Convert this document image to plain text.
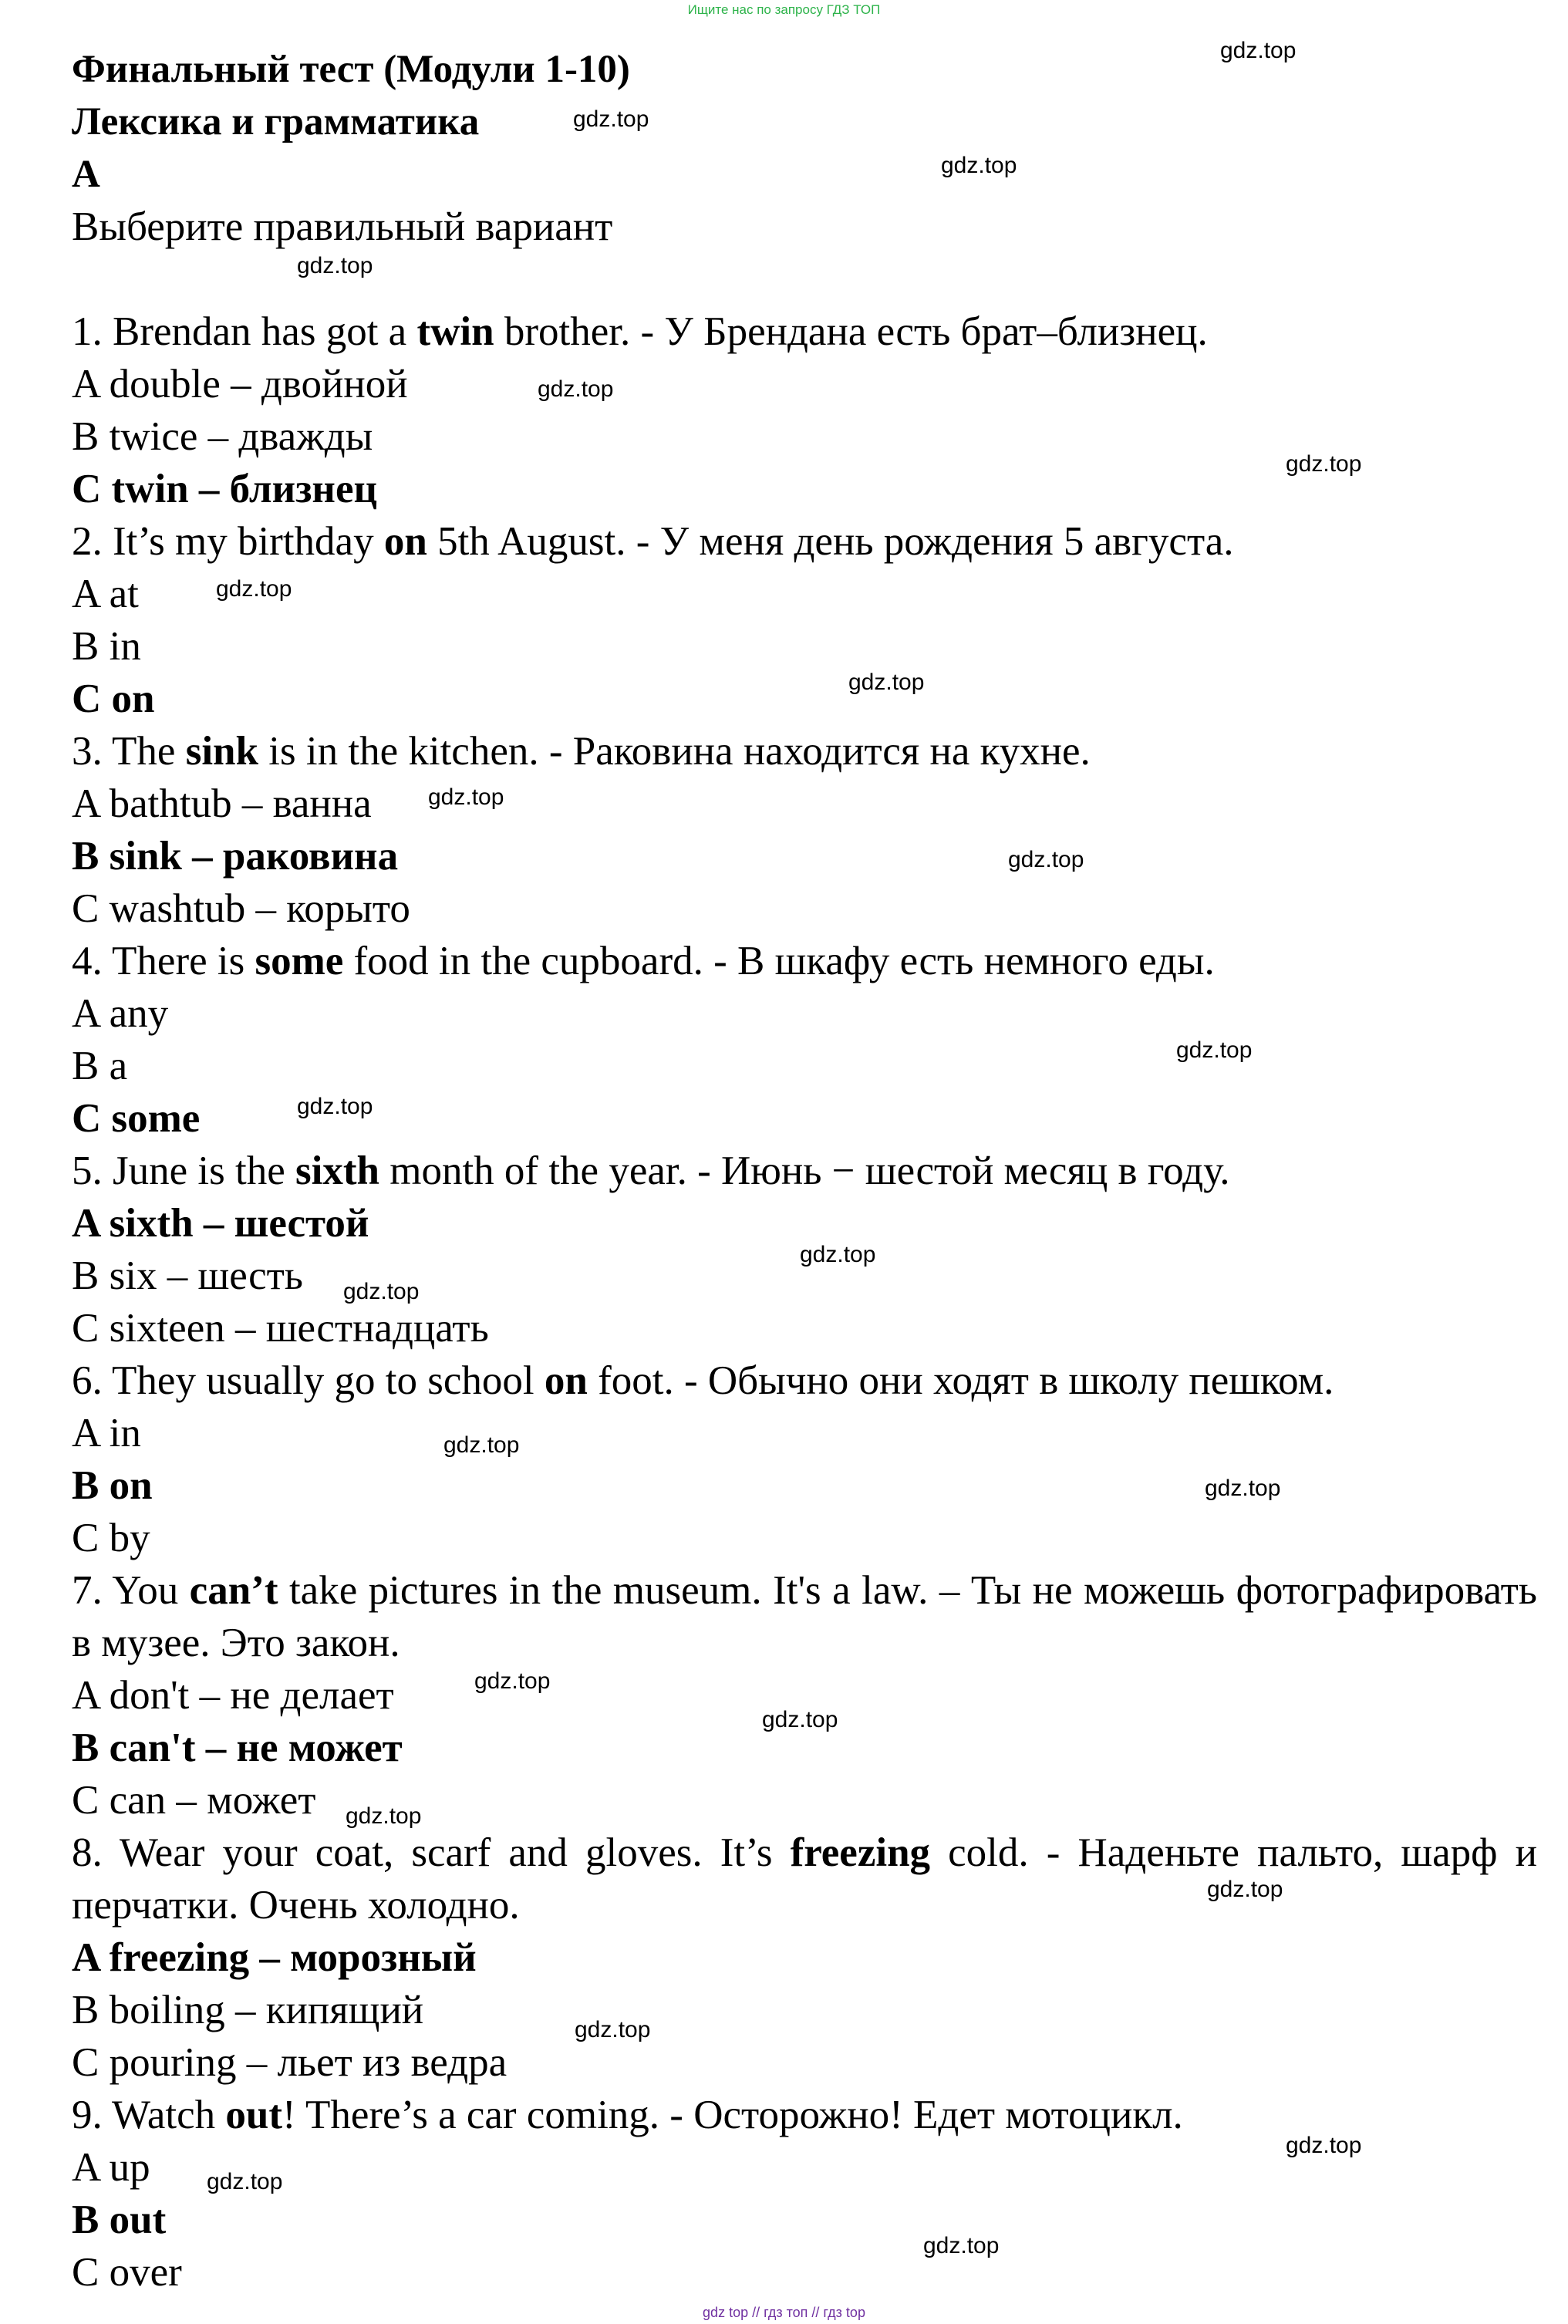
Ищите нас по запросу ГДЗ ТОП
Финальный тест (Модули 1-10)
Лексика и грамматика
A
Выберите правильный вариант
1. Brendan has got a twin brother. - У Брендана есть брат–близнец.
A double – двойной
B twice – дважды
C twin – близнец
2. It’s my birthday on 5th August. - У меня день рождения 5 августа.
A at
B in
C on
3. The sink is in the kitchen. - Раковина находится на кухне.
A bathtub – ванна
B sink – раковина
C washtub – корыто
4. There is some food in the cupboard. - В шкафу есть немного еды.
A any
B a
C some
5. June is the sixth month of the year. - Июнь − шестой месяц в году.
A sixth – шестой
B six – шесть
C sixteen – шестнадцать
6. They usually go to school on foot. - Обычно они ходят в школу пешком.
A in
B on
C by
7. You can’t take pictures in the museum. It's a law. – Ты не можешь фотографировать в музее. Это закон.
A don't – не делает
B can't – не может
C can – может
8. Wear your coat, scarf and gloves. It’s freezing cold. - Наденьте пальто, шарф и перчатки. Очень холодно.
A freezing – морозный
B boiling – кипящий
C pouring – льет из ведра
9. Watch out! There’s a car coming. - Осторожно! Едет мотоцикл.
A up
B out
C over
gdz.top
gdz.top
gdz.top
gdz.top
gdz.top
gdz.top
gdz.top
gdz.top
gdz.top
gdz.top
gdz.top
gdz.top
gdz.top
gdz.top
gdz.top
gdz.top
gdz.top
gdz.top
gdz.top
gdz.top
gdz.top
gdz.top
gdz.top
gdz.top
gdz top // гдз топ // гдз top
